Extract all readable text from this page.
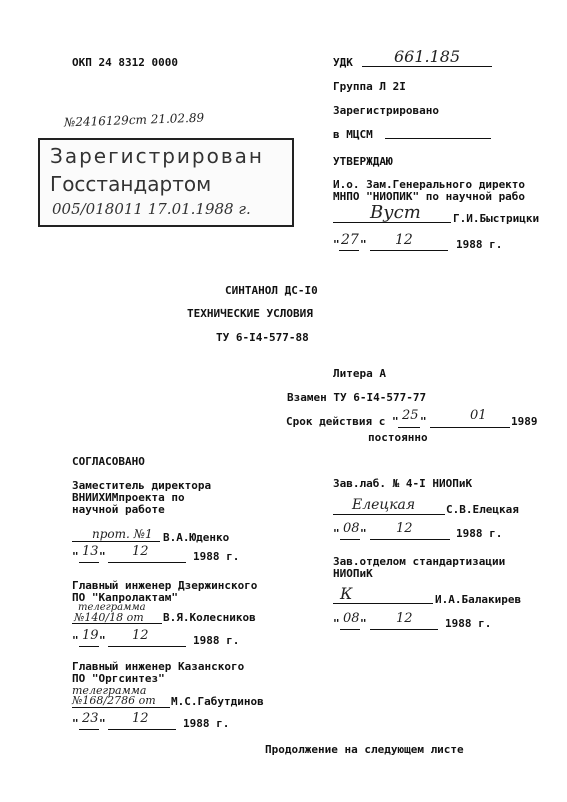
ОКП 24 8312 0000	УДК	661.185
Группа Л 2I
Зарегистрировано
в МЦСМ
№2416129ст 21.02.89
Зарегистрирован
Госстандартом
005/018011 17.01.1988 г.
УТВЕРЖДАЮ
И.о. Зам.Генерального директо
МНПО "НИОПИК" по научной рабо
Вуст	Г.И.Быстрицки
" 27 " 12	1988 г.
СИНТАНОЛ ДС-I0
ТЕХНИЧЕСКИЕ УСЛОВИЯ
ТУ 6-I4-577-88
Литера А
Взамен ТУ 6-I4-577-77
Срок действия с " 25 "	01 1989
постоянно
СОГЛАСОВАНО
Заместитель директора
ВНИИХИМпроекта по
научной работе
прот. №1 В.А.Юденко
" 13 " 12	1988 г.
Главный инженер Дзержинского
ПО "Капролактам"
телеграмма
№140/18 от В.Я.Колесников
" 19 " 12	1988 г.
Главный инженер Казанского
ПО "Оргсинтез"
телеграмма
№168/2786 от М.С.Габутдинов
" 23 " 12	1988 г.
Зав.лаб. № 4-I НИОПиК
Елецкая	С.В.Елецкая
" 08 " 12	1988 г.
Зав.отделом стандартизации
НИОПиК
К	И.А.Балакирев
" 08 " 12	1988 г.
Продолжение на следующем листе
